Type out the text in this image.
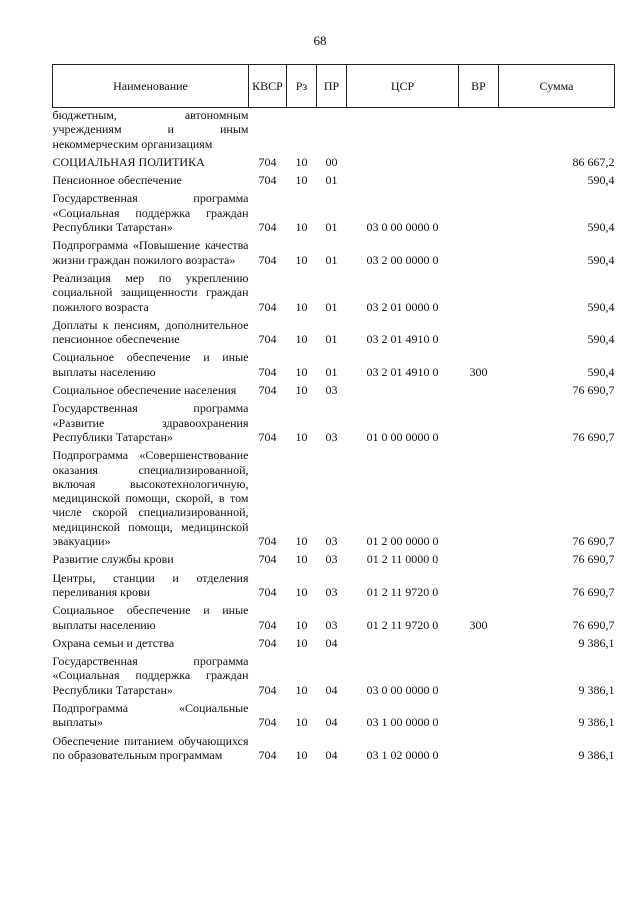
68
Наименование	КВСР	Рз	ПР	ЦСР	ВР	Сумма
бюджетным, автономным учреждениям и иным некоммерческим организациям						
СОЦИАЛЬНАЯ ПОЛИТИКА	704	10	00			86 667,2
Пенсионное обеспечение	704	10	01			590,4
Государственная программа «Социальная поддержка граждан Республики Татарстан»	704	10	01	03 0 00 0000 0		590,4
Подпрограмма «Повышение качества жизни граждан пожилого возраста»	704	10	01	03 2 00 0000 0		590,4
Реализация мер по укреплению социальной защищенности граждан пожилого возраста	704	10	01	03 2 01 0000 0		590,4
Доплаты к пенсиям, дополнительное пенсионное обеспечение	704	10	01	03 2 01 4910 0		590,4
Социальное обеспечение и иные выплаты населению	704	10	01	03 2 01 4910 0	300	590,4
Социальное обеспечение населения	704	10	03			76 690,7
Государственная программа «Развитие здравоохранения Республики Татарстан»	704	10	03	01 0 00 0000 0		76 690,7
Подпрограмма «Совершенствование оказания специализированной, включая высокотехнологичную, медицинской помощи, скорой, в том числе скорой специализированной, медицинской помощи, медицинской эвакуации»	704	10	03	01 2 00 0000 0		76 690,7
Развитие службы крови	704	10	03	01 2 11 0000 0		76 690,7
Центры, станции и отделения переливания крови	704	10	03	01 2 11 9720 0		76 690,7
Социальное обеспечение и иные выплаты населению	704	10	03	01 2 11 9720 0	300	76 690,7
Охрана семьи и детства	704	10	04			9 386,1
Государственная программа «Социальная поддержка граждан Республики Татарстан»	704	10	04	03 0 00 0000 0		9 386,1
Подпрограмма «Социальные выплаты»	704	10	04	03 1 00 0000 0		9 386,1
Обеспечение питанием обучающихся по образовательным программам	704	10	04	03 1 02 0000 0		9 386,1
